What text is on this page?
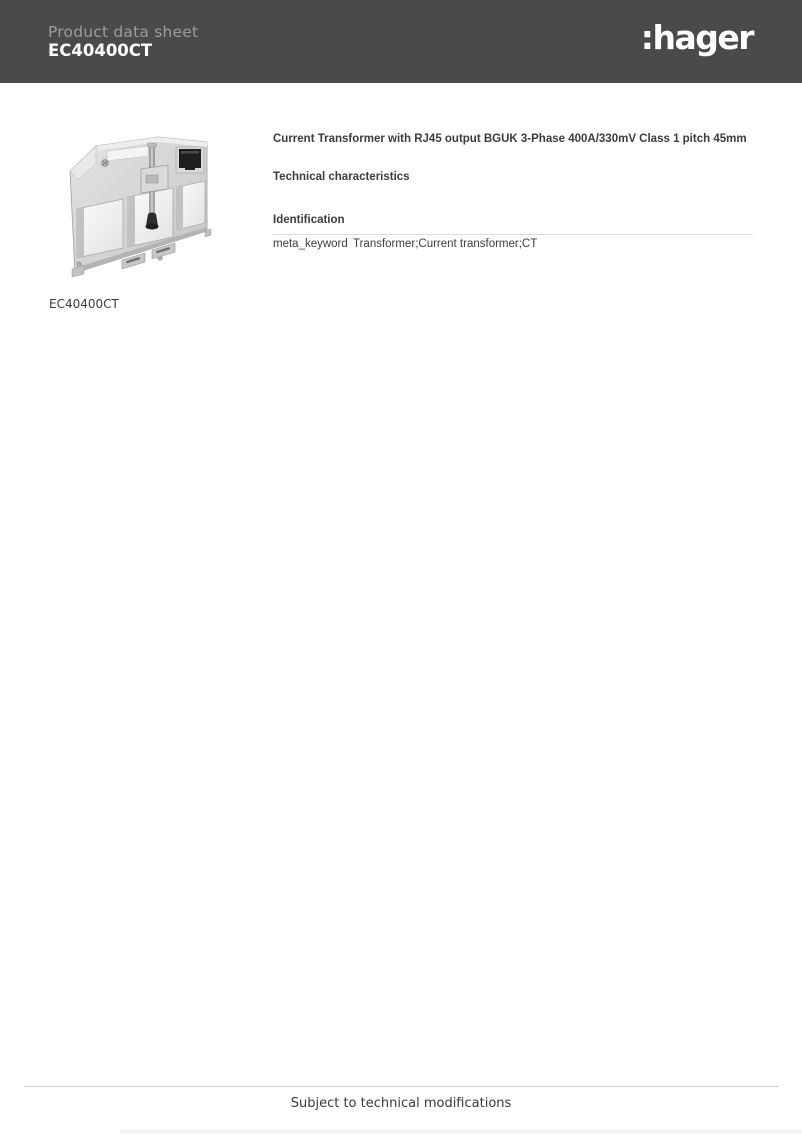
Product data sheet
EC40400CT	:hager
EC40400CT
Current Transformer with RJ45 output BGUK 3-Phase 400A/330mV Class 1 pitch 45mm
Technical characteristics
Identification
meta_keyword Transformer;Current transformer;CT
Subject to technical modifications
